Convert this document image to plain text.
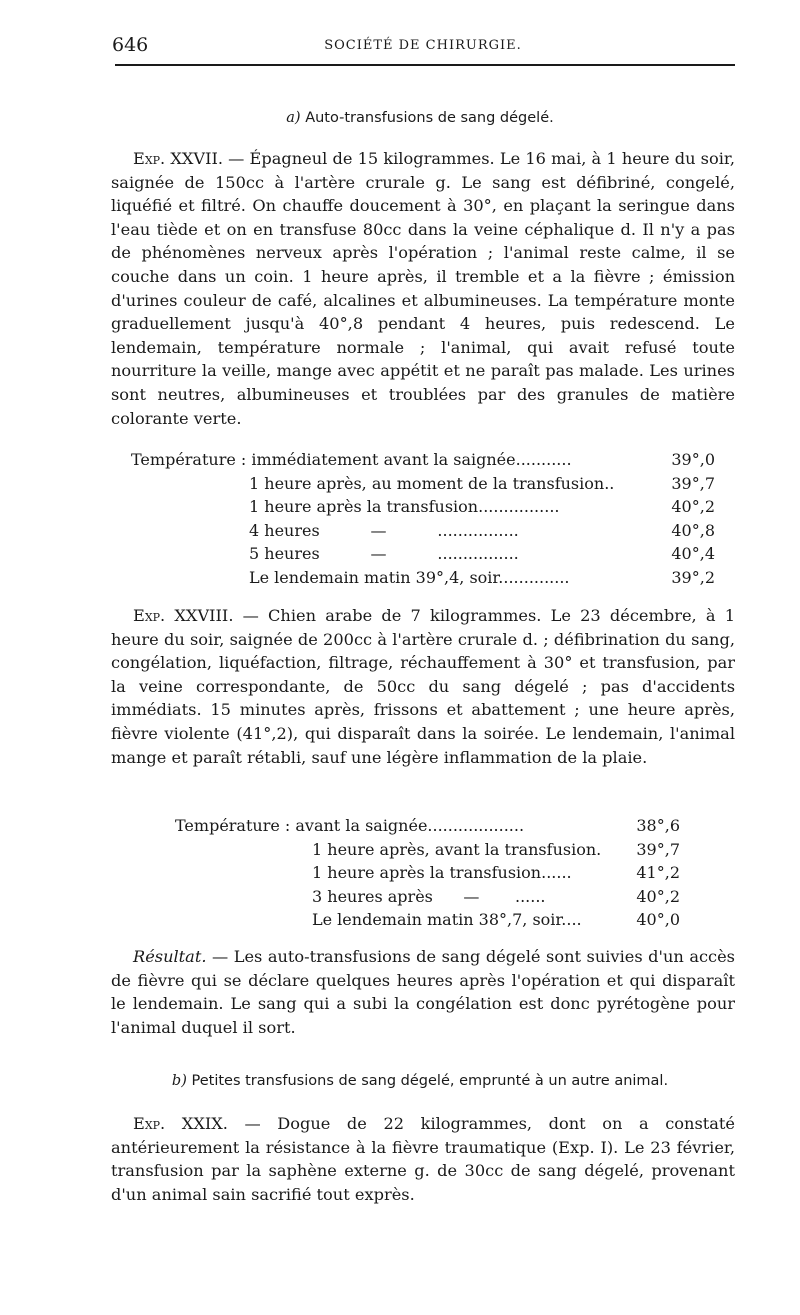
646	SOCIÉTÉ DE CHIRURGIE.
a) Auto-transfusions de sang dégelé.

Exp. XXVII. — Épagneul de 15 kilogrammes. Le 16 mai, à 1 heure du soir, saignée de 150cc à l'artère crurale g. Le sang est défibriné, congelé, liquéfié et filtré. On chauffe doucement à 30°, en plaçant la seringue dans l'eau tiède et on en transfuse 80cc dans la veine céphalique d. Il n'y a pas de phénomènes nerveux après l'opération ; l'animal reste calme, il se couche dans un coin. 1 heure après, il tremble et a la fièvre ; émission d'urines couleur de café, alcalines et albumineuses. La température monte graduellement jusqu'à 40°,8 pendant 4 heures, puis redescend. Le lendemain, température normale ; l'animal, qui avait refusé toute nourriture la veille, mange avec appétit et ne paraît pas malade. Les urines sont neutres, albumineuses et troublées par des granules de matière colorante verte.

Température : immédiatement avant la saignée...........	39°,0
1 heure après, au moment de la transfusion..	39°,7
1 heure après la transfusion................	40°,2
4 heures          —          ................	40°,8
5 heures          —          ................	40°,4
Le lendemain matin 39°,4, soir..............	39°,2

Exp. XXVIII. — Chien arabe de 7 kilogrammes. Le 23 décembre, à 1 heure du soir, saignée de 200cc à l'artère crurale d. ; défibrination du sang, congélation, liquéfaction, filtrage, réchauffement à 30° et transfusion, par la veine correspondante, de 50cc du sang dégelé ; pas d'accidents immédiats. 15 minutes après, frissons et abattement ; une heure après, fièvre violente (41°,2), qui disparaît dans la soirée. Le lendemain, l'animal mange et paraît rétabli, sauf une légère inflammation de la plaie.

Température : avant la saignée...................	38°,6
1 heure après, avant la transfusion. 39°,7
1 heure après la transfusion......	41°,2
3 heures après      —       ......	40°,2
Le lendemain matin 38°,7, soir....	40°,0

Résultat. — Les auto-transfusions de sang dégelé sont suivies d'un accès de fièvre qui se déclare quelques heures après l'opération et qui disparaît le lendemain. Le sang qui a subi la congélation est donc pyrétogène pour l'animal duquel il sort.

b) Petites transfusions de sang dégelé, emprunté à un autre animal.

Exp. XXIX. — Dogue de 22 kilogrammes, dont on a constaté antérieurement la résistance à la fièvre traumatique (Exp. I). Le 23 février, transfusion par la saphène externe g. de 30cc de sang dégelé, provenant d'un animal sain sacrifié tout exprès.
